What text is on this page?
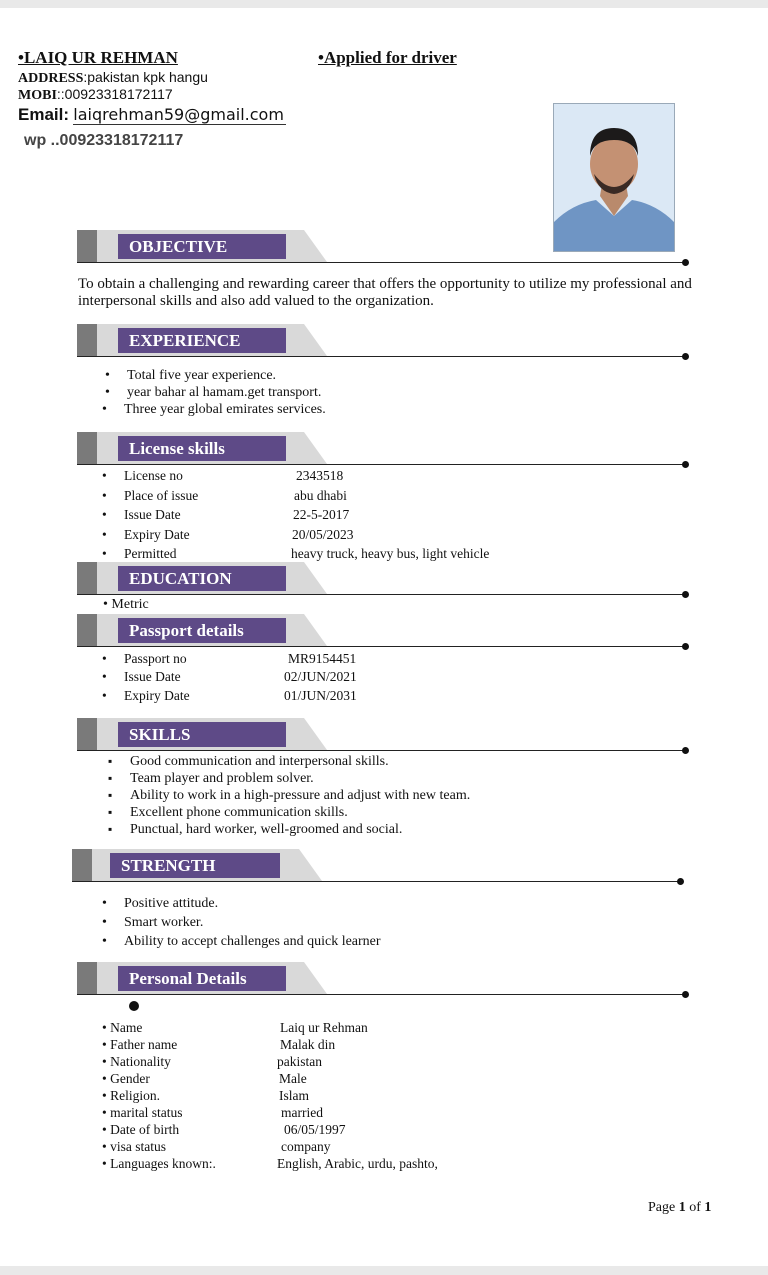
•LAIQ UR REHMAN	•Applied for driver
ADDRESS:pakistan kpk hangu
MOBI::00923318172117
Email: laiqrehman59@gmail.com
wp ..00923318172117
OBJECTIVE
To obtain a challenging and rewarding career that offers the opportunity to utilize my professional and interpersonal skills and also add valued to the organization.
EXPERIENCE
• Total five year experience.
• year bahar al hamam.get transport.
• Three year global emirates services.
License skills
• License no	2343518
• Place of issue	abu dhabi
• Issue Date	22-5-2017
• Expiry Date	20/05/2023
• Permitted	heavy truck, heavy bus, light vehicle
EDUCATION
• Metric
Passport details
• Passport no	MR9154451
• Issue Date	02/JUN/2021
• Expiry Date	01/JUN/2031
SKILLS
▪ Good communication and interpersonal skills.
▪ Team player and problem solver.
▪ Ability to work in a high-pressure and adjust with new team.
▪ Excellent phone communication skills.
▪ Punctual, hard worker, well-groomed and social.
STRENGTH
• Positive attitude.
• Smart worker.
• Ability to accept challenges and quick learner
Personal Details
• Name	Laiq ur Rehman
• Father name	Malak din
• Nationality	pakistan
• Gender	Male
• Religion.	Islam
• marital status	married
• Date of birth	06/05/1997
• visa status	company
• Languages known:.	English, Arabic, urdu, pashto,
Page 1 of 1
